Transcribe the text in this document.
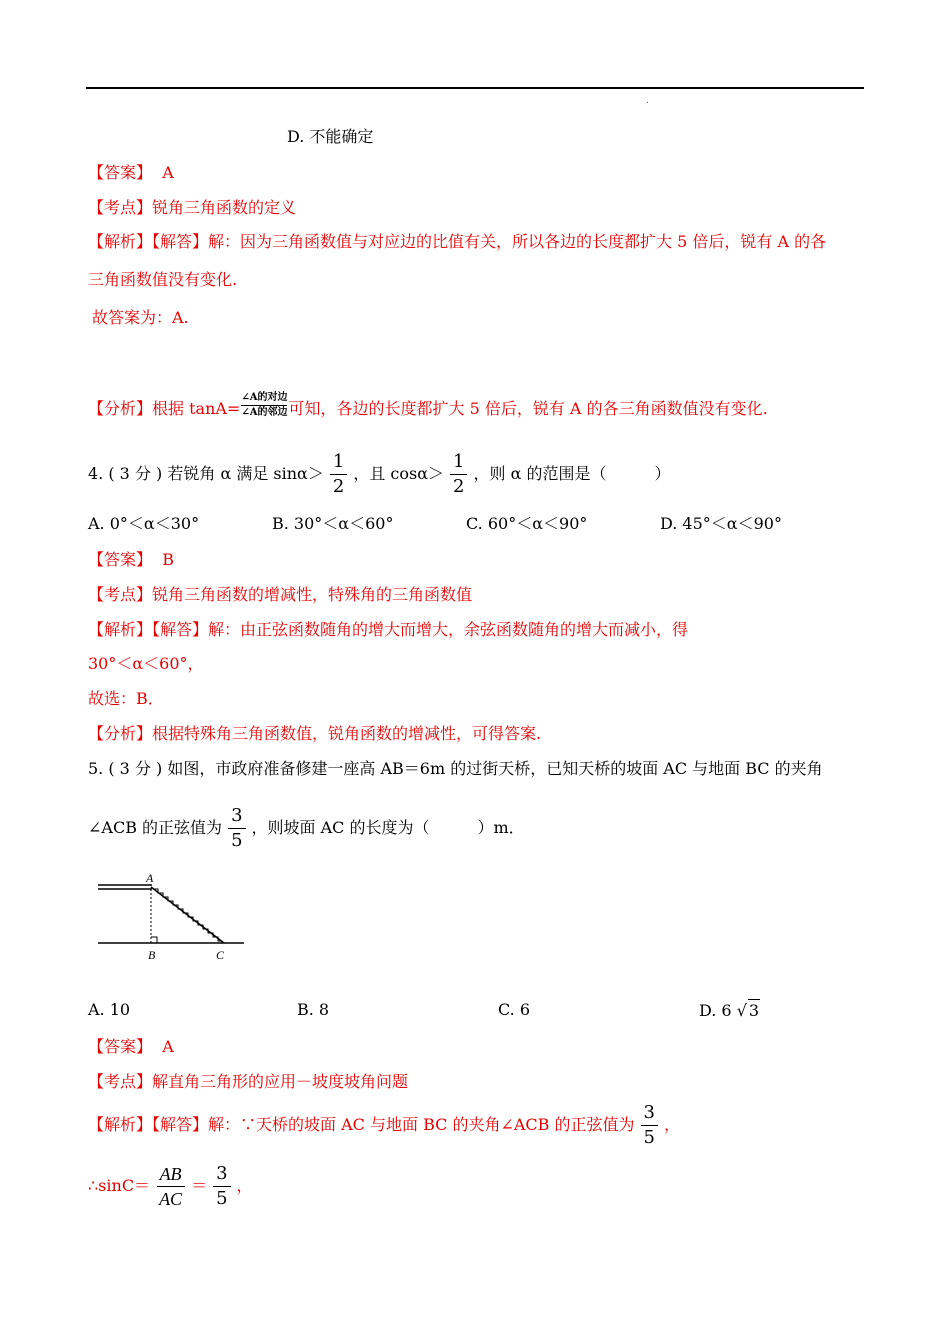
.
D. 不能确定
【答案】 A
【考点】锐角三角函数的定义
【解析】【解答】解：因为三角函数值与对应边的比值有关，所以各边的长度都扩大 5 倍后，锐有 A 的各
三角函数值没有变化.
故答案为：A.
【分析】根据 $\tan A= \frac{\text{∠A的对边}}{\text{∠A的邻边}}$ 可知，各边的长度都扩大 5 倍后，锐有 A 的各三角函数值没有变化.
4. ( 3 分 ) 若锐角 α 满足 $\sin\alpha> \frac{1}{2}$ ，且 $\cos\alpha> \frac{1}{2}$ ，则 α 的范围是（　　　）
A. 0°＜α＜30°	B. 30°＜α＜60°	C. 60°＜α＜90°	D. 45°＜α＜90°
【答案】 B
【考点】锐角三角函数的增减性，特殊角的三角函数值
【解析】【解答】解：由正弦函数随角的增大而增大，余弦函数随角的增大而减小，得
30°＜α＜60°，
故选：B．
【分析】根据特殊角三角函数值，锐角函数的增减性，可得答案.
5. ( 3 分 ) 如图，市政府准备修建一座高 AB＝6m 的过街天桥，已知天桥的坡面 AC 与地面 BC 的夹角
∠ACB 的正弦值为 $\frac{3}{5}$ ，则坡面 AC 的长度为（　　　）m．
A
B	C
A. 10	B. 8	C. 6	D. 6 √ 3
【答案】 A
【考点】解直角三角形的应用－坡度坡角问题
【解析】【解答】解：∵天桥的坡面 AC 与地面 BC 的夹角∠ACB 的正弦值为 $\frac{3}{5}$ ，
∴sinC＝ $\frac{AB}{AC} = \frac{3}{5}$ ，
